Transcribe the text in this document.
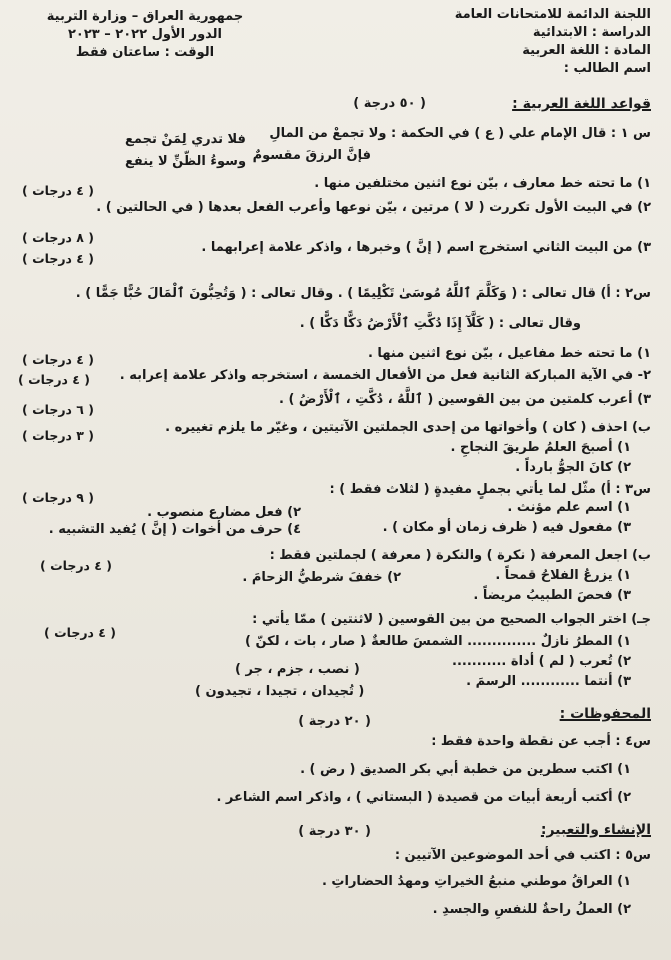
اللجنة الدائمة للامتحانات العامة
الدراسة : الابتدائية
المادة : اللغة العربية
اسم الطالب :
جمهورية العراق – وزارة التربية
الدور الأول ٢٠٢٢ – ٢٠٢٣
الوقت : ساعتان فقط
قواعد اللغة العربية :
( ٥٠ درجة )
س ١ : قال الإمام علي ( ع ) في الحكمة : ولا تجمعْ من المالِ
فلا تدري لِمَنْ تجمع
فإنَّ الرزقَ مقسومٌ
وسوءُ الظّنِّ لا ينفع
١) ما تحته خط معارف ، بيّن نوع اثنين مختلفين منها .
( ٤ درجات )
٢) في البيت الأول تكررت ( لا ) مرتين ، بيّن نوعها وأعرب الفعل بعدها ( في الحالتين ) .
( ٨ درجات )
٣) من البيت الثاني استخرج اسم ( إنَّ ) وخبرها ، واذكر علامة إعرابهما .
( ٤ درجات )
س٢ : أ) قال تعالى : ( وَكَلَّمَ ٱللَّهُ مُوسَىٰ تَكْلِيمًا ) . وقال تعالى : ( وَتُحِبُّونَ ٱلْمَالَ حُبًّا جَمًّا ) .
وقال تعالى : ( كَلَّآ إِذَا دُكَّتِ ٱلْأَرْضُ دَكًّا دَكًّا ) .
١) ما تحته خط مفاعيل ، بيّن نوع اثنين منها .
( ٤ درجات )
٢- في الآية المباركة الثانية فعل من الأفعال الخمسة ، استخرجه واذكر علامة إعرابه .
( ٤ درجات )
٣) أعرب كلمتين من بين القوسين ( ٱللَّهُ ، دُكَّتِ ، ٱلْأَرْضُ ) .
( ٦ درجات )
ب) احذف ( كان ) وأخواتها من إحدى الجملتين الآتيتين ، وغيّر ما يلزم تغييره .
( ٣ درجات )
١) أصبحَ العلمُ طريقَ النجاحِ .
٢) كانَ الجوُّ بارداً .
س٣ : أ) مثّل لما يأتي بجملٍ مفيدةٍ ( لثلاث فقط ) :
( ٩ درجات )
١) اسم علم مؤنث .
٢) فعل مضارع منصوب .
٣) مفعول فيه ( ظرف زمان أو مكان ) .
٤) حرف من أخوات ( إنَّ ) يُفيد التشبيه .
ب) اجعل المعرفة ( نكرة ) والنكرة ( معرفة ) لجملتين فقط :
( ٤ درجات )
١) يزرعُ الفلاحُ قمحاً .
٢) خففَ شرطيُّ الزحامَ .
٣) فحصَ الطبيبُ مريضاً .
جـ) اختر الجواب الصحيح من بين القوسين ( لاثنتين ) ممّا يأتي :
( ٤ درجات )
١) المطرُ نازلٌ .............. الشمسَ طالعةٌ .
( صار ، بات ، لكنّ )
٢) تُعرب ( لم ) أداة ...........
( نصب ، جزم ، جر )
٣) أنتما ............ الرسمَ .
( تُجيدان ، تجيدا ، تجيدون )
المحفوظات :
( ٢٠ درجة )
س٤ : أجب عن نقطة واحدة فقط :
١) اكتب سطرين من خطبة أبي بكر الصديق ( رض ) .
٢) أكتب أربعة أبيات من قصيدة ( البستاني ) ، واذكر اسم الشاعر .
الإنشاء والتعبير:
( ٣٠ درجة )
س٥ : اكتب في أحد الموضوعين الآتيين :
١) العراقُ موطني منبعُ الخيراتِ ومهدُ الحضاراتِ .
٢) العملُ راحةٌ للنفسِ والجسدِ .
